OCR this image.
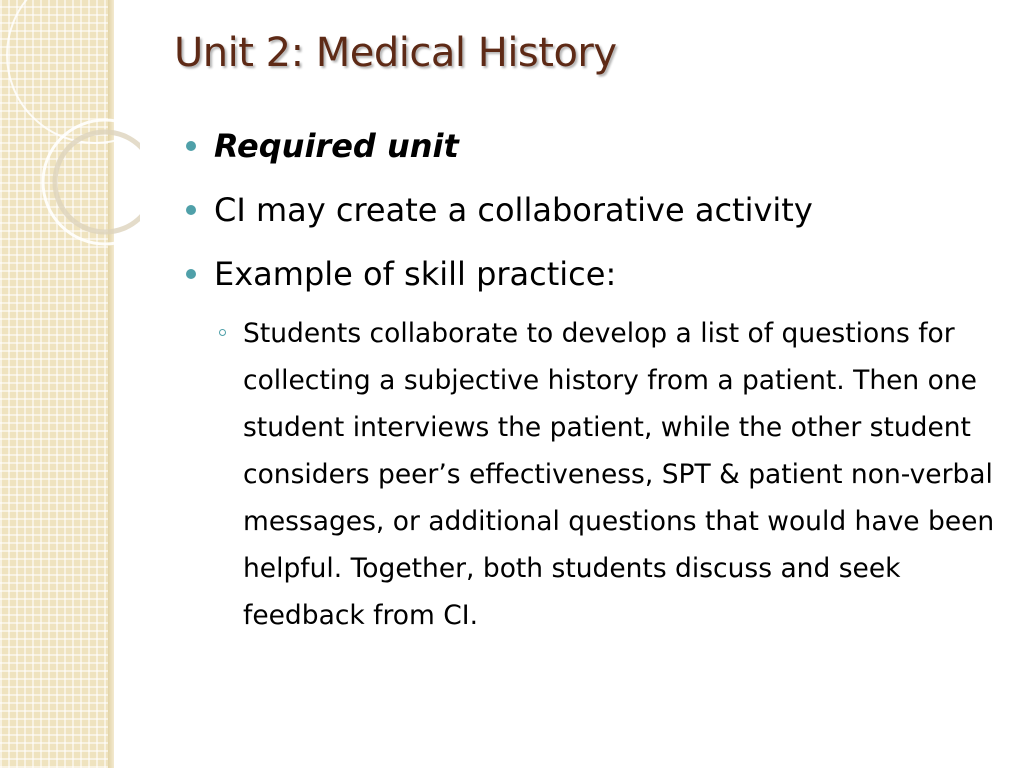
Unit 2: Medical History
Required unit
CI may create a collaborative activity
Example of skill practice:
Students collaborate to develop a list of questions for collecting a subjective history from a patient. Then one student interviews the patient, while the other student considers peer’s effectiveness, SPT & patient non-verbal messages, or additional questions that would have been helpful. Together, both students discuss and seek feedback from CI.
